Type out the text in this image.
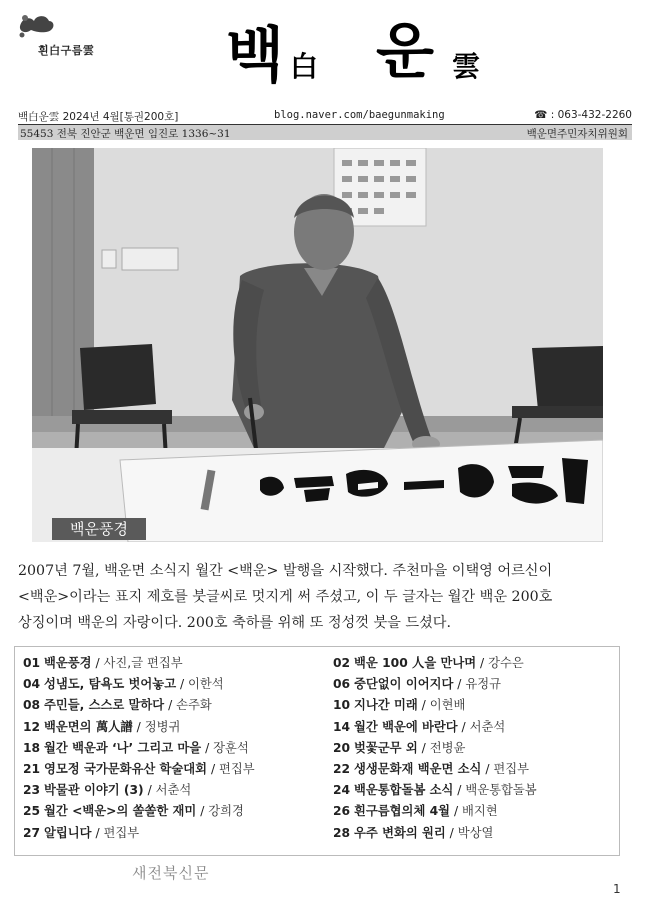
흰白구름雲 백 白 운 雲
백白운雲 2024년 4월[통권200호]	blog.naver.com/baegunmaking	☎ : 063-432-2260
55453 전북 진안군 백운면 임진로 1336~31	백운면주민자치위원회
백운풍경
2007년 7월, 백운면 소식지 월간 <백운> 발행을 시작했다. 주천마을 이택영 어르신이
<백운>이라는 표지 제호를 붓글씨로 멋지게 써 주셨고, 이 두 글자는 월간 백운 200호
상징이며 백운의 자랑이다. 200호 축하를 위해 또 정성껏 붓을 드셨다.
01 백운풍경 / 사진,글 편집부	02 백운 100 人을 만나며 / 강수은
04 성냄도, 탐욕도 벗어놓고 / 이한석	06 중단없이 이어지다 / 유정규
08 주민들, 스스로 말하다 / 손주화	10 지나간 미래 / 이현배
12 백운면의 萬人譜 / 정병귀	14 월간 백운에 바란다 / 서춘석
18 월간 백운과 ‘나’ 그리고 마을 / 장훈석	20 벚꽃군무 외 / 전병윤
21 영모정 국가문화유산 학술대회 / 편집부	22 생생문화재 백운면 소식 / 편집부
23 박물관 이야기 (3) / 서춘석	24 백운통합돌봄 소식 / 백운통합돌봄
25 월간 <백운>의 쏠쏠한 재미 / 강희경	26 흰구름협의체 4월 / 배지현
27 알립니다 / 편집부	28 우주 변화의 원리 / 박상열
새전북신문
1
